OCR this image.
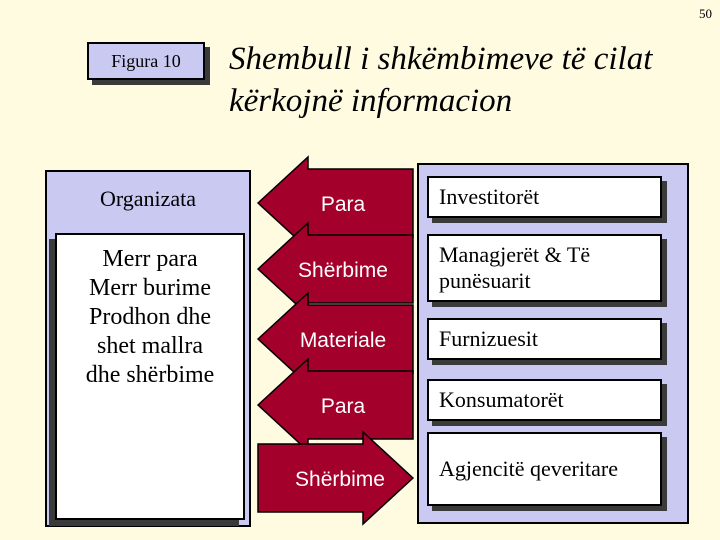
50
Figura 10 Shembull i shkëmbimeve të cilat kërkojnë informacion
Organizata
Merr para
Merr burime
Prodhon dhe
shet mallra
dhe shërbime
Investitorët
Managjerët & Të punësuarit
Furnizuesit
Konsumatorët
Agjencitë qeveritare
Para
Shërbime
Materiale
Para
Shërbime
